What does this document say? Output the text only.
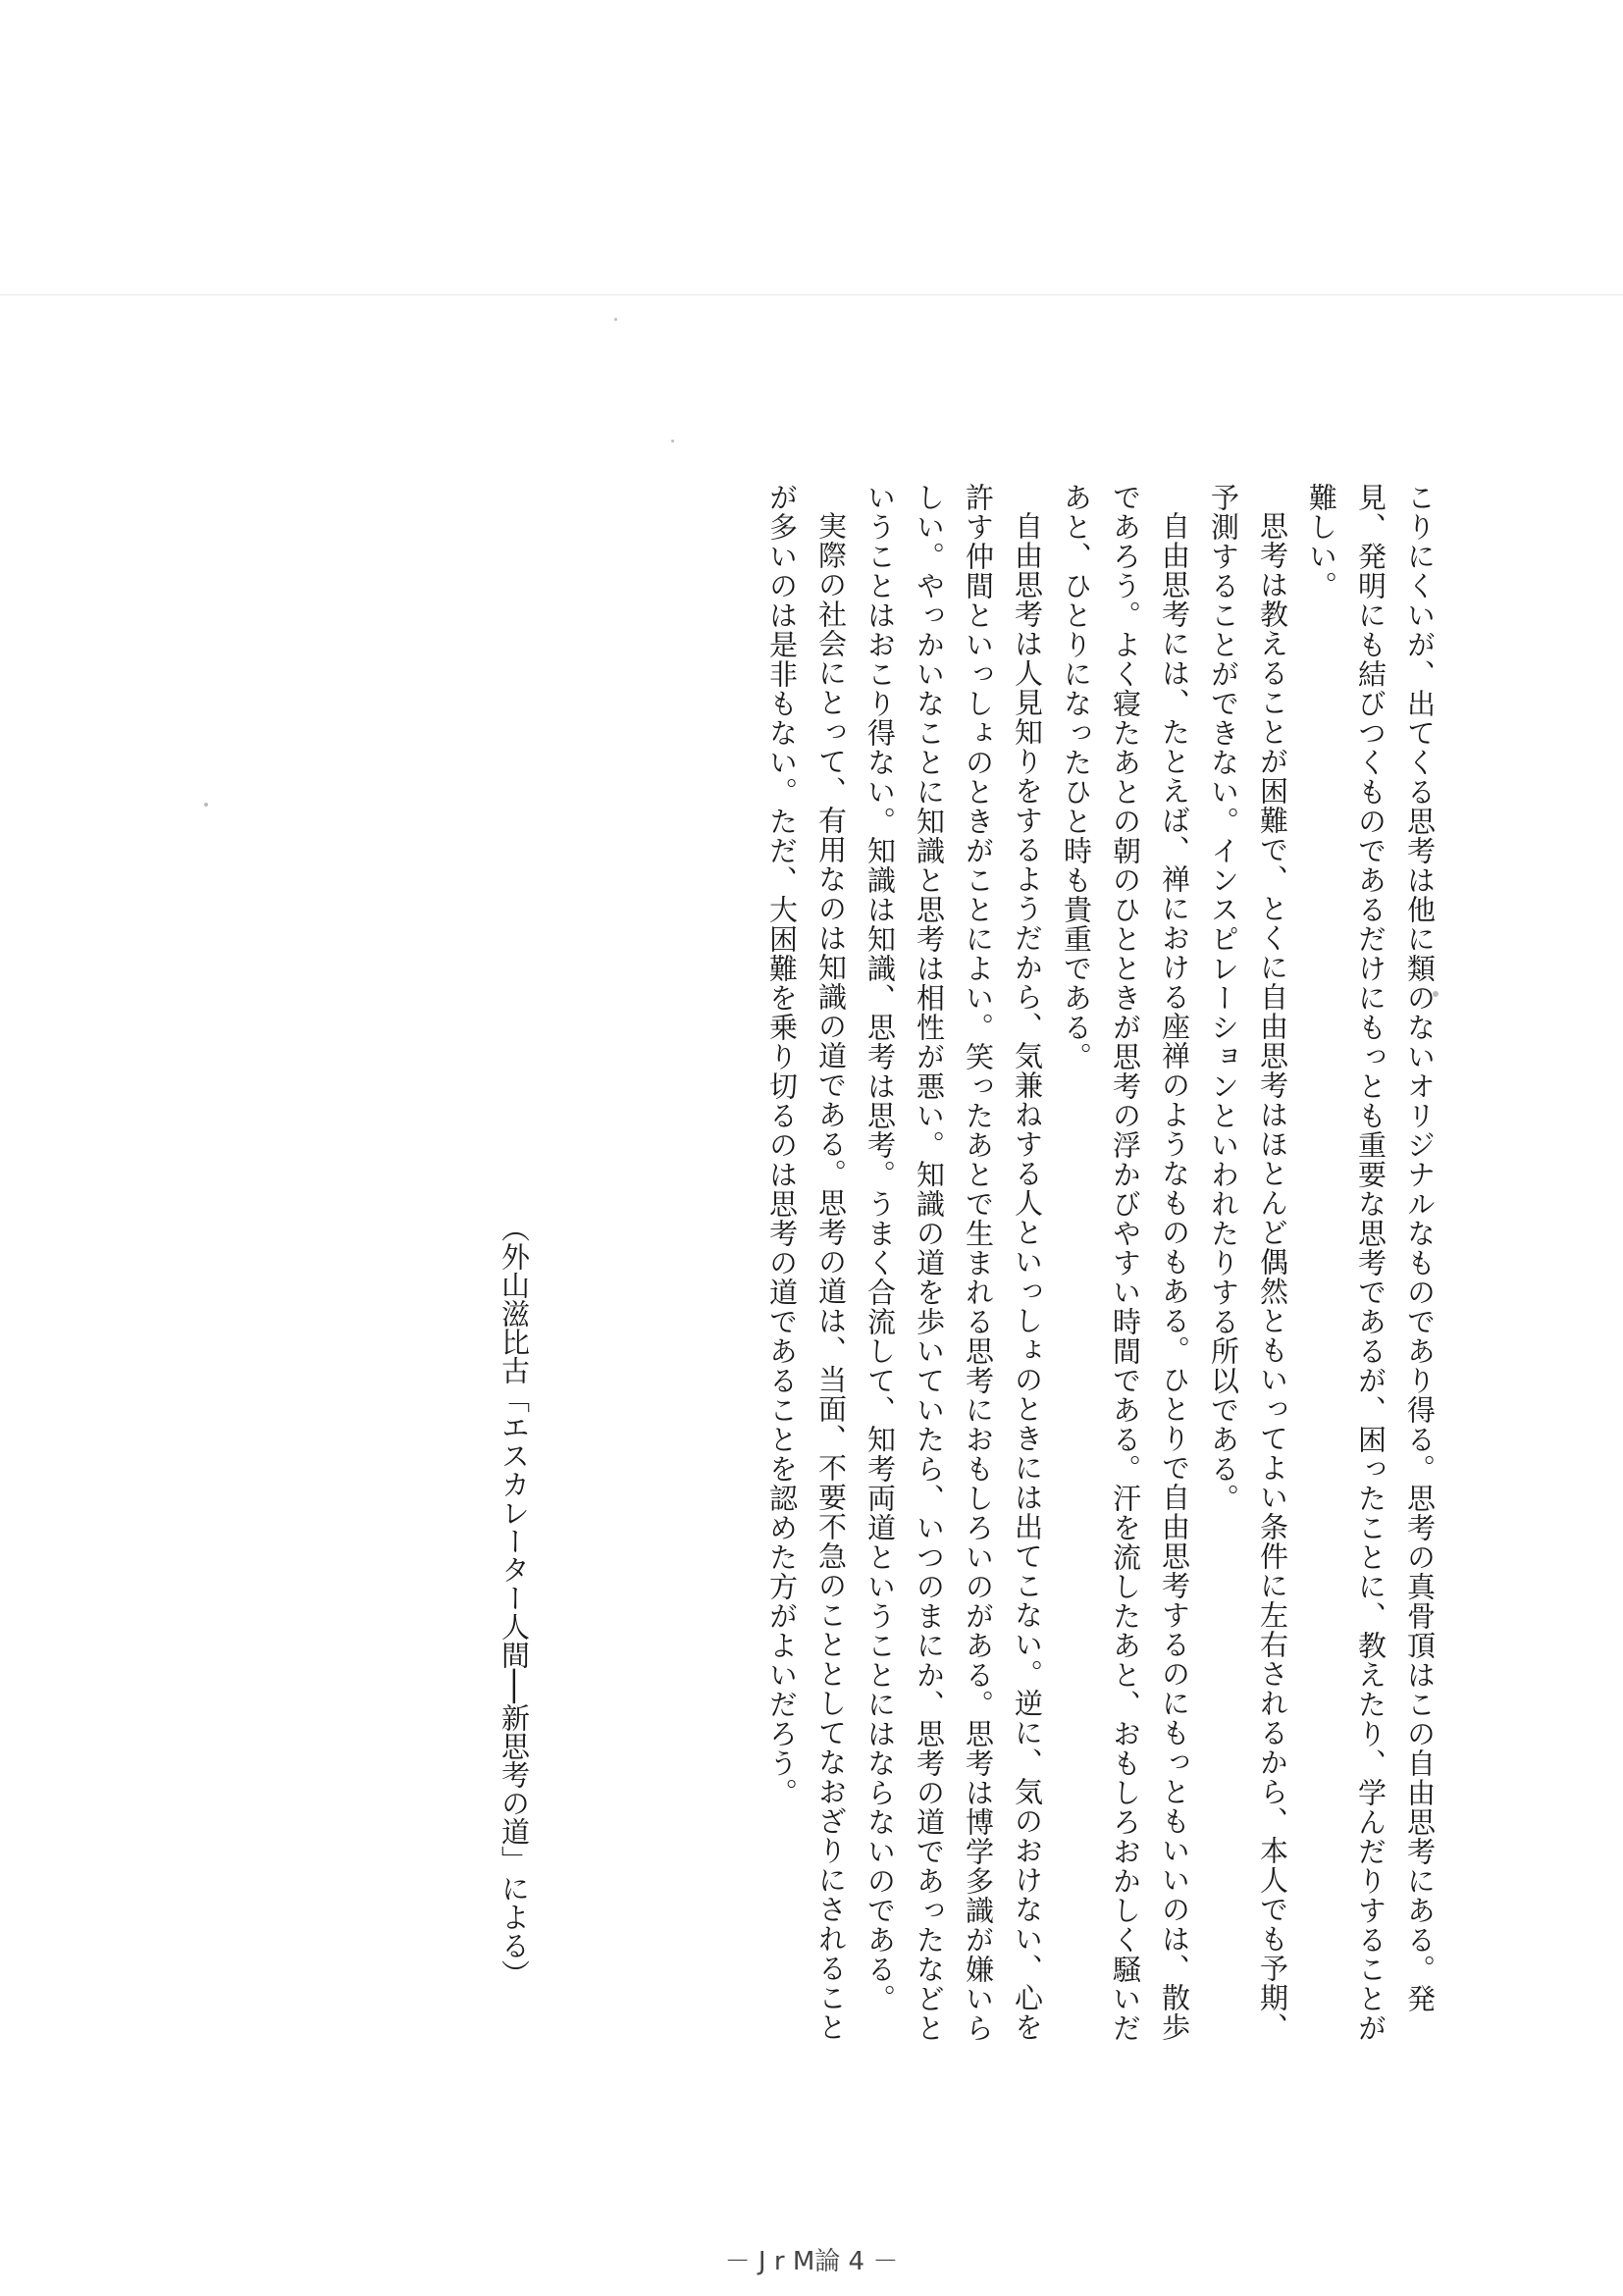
こりにくいが、出てくる思考は他に類のないオリジナルなものであり得る。思考の真骨頂はこの自由思考にある。発見、発明にも結びつくものであるだけにもっとも重要な思考であるが、困ったことに、教えたり、学んだりすることが難しい。

思考は教えることが困難で、とくに自由思考はほとんど偶然ともいってよい条件に左右されるから、本人でも予期、予測することができない。インスピレーションといわれたりする所以である。

自由思考には、たとえば、禅における座禅のようなものもある。ひとりで自由思考するのにもっともいいのは、散歩であろう。よく寝たあとの朝のひとときが思考の浮かびやすい時間である。汗を流したあと、おもしろおかしく騒いだあと、ひとりになったひと時も貴重である。

自由思考は人見知りをするようだから、気兼ねする人といっしょのときには出てこない。逆に、気のおけない、心を許す仲間といっしょのときがことによい。笑ったあとで生まれる思考におもしろいのがある。思考は博学多識が嫌いらしい。やっかいなことに知識と思考は相性が悪い。知識の道を歩いていたら、いつのまにか、思考の道であったなどということはおこり得ない。知識は知識、思考は思考。うまく合流して、知考両道ということにはならないのである。

実際の社会にとって、有用なのは知識の道である。思考の道は、当面、不要不急のこととしてなおざりにされることが多いのは是非もない。ただ、大困難を乗り切るのは思考の道であることを認めた方がよいだろう。

（外山滋比古「エスカレーター人間──新思考の道」による）
－ J r M論 4 －
